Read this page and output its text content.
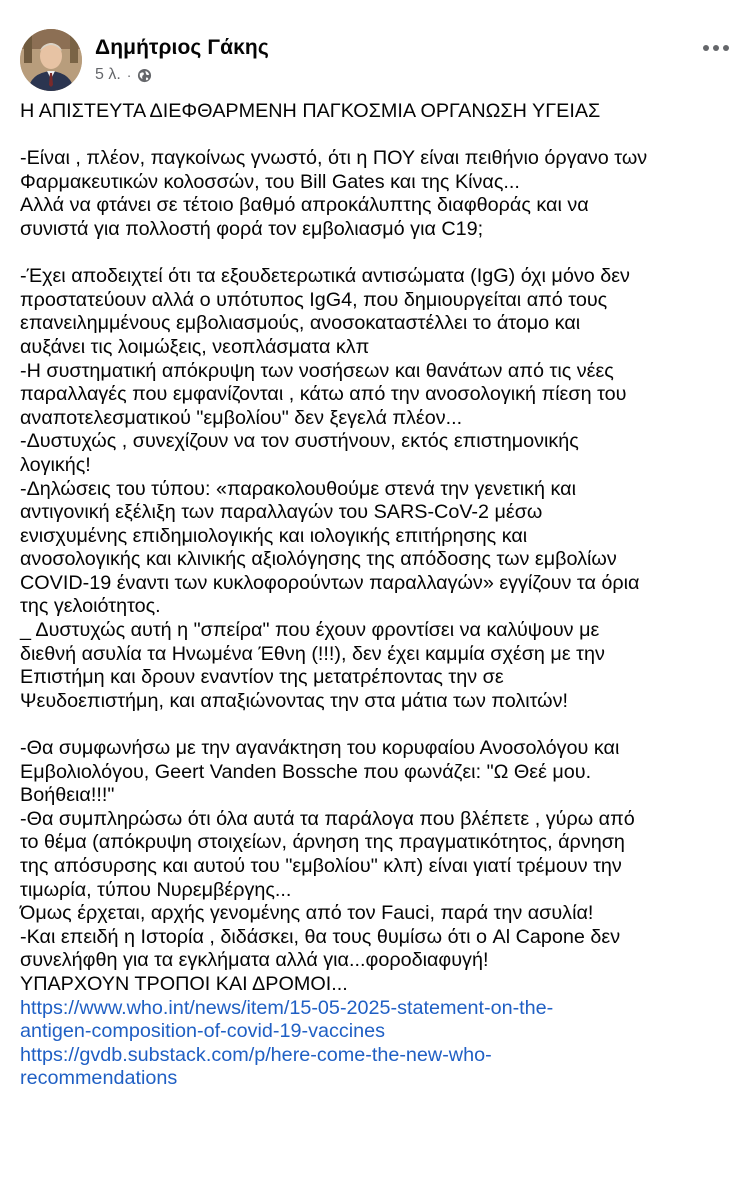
Δημήτριος Γάκης
5 λ. ·
Η ΑΠΙΣΤΕΥΤΑ ΔΙΕΦΘΑΡΜΕΝΗ ΠΑΓΚΟΣΜΙΑ ΟΡΓΑΝΩΣΗ ΥΓΕΙΑΣ
-Είναι , πλέον, παγκοίνως γνωστό, ότι η ΠΟΥ είναι πειθήνιο όργανο των
Φαρμακευτικών κολοσσών, του Bill Gates και της Κίνας...
Αλλά να φτάνει σε τέτοιο βαθμό απροκάλυπτης διαφθοράς και να
συνιστά για πολλοστή φορά τον εμβολιασμό για C19;
-Έχει αποδειχτεί ότι τα εξουδετερωτικά αντισώματα (IgG) όχι μόνο δεν
προστατεύουν αλλά ο υπότυπος IgG4, που δημιουργείται από τους
επανειλημμένους εμβολιασμούς, ανοσοκαταστέλλει το άτομο και
αυξάνει τις λοιμώξεις, νεοπλάσματα κλπ
-Η συστηματική απόκρυψη των νοσήσεων και θανάτων από τις νέες
παραλλαγές που εμφανίζονται , κάτω από την ανοσολογική πίεση του
αναποτελεσματικού "εμβολίου" δεν ξεγελά πλέον...
-Δυστυχώς , συνεχίζουν να τον συστήνουν, εκτός επιστημονικής
λογικής!
-Δηλώσεις του τύπου: «παρακολουθούμε στενά την γενετική και
αντιγονική εξέλιξη των παραλλαγών του SARS-CoV-2 μέσω
ενισχυμένης επιδημιολογικής και ιολογικής επιτήρησης και
ανοσολογικής και κλινικής αξιολόγησης της απόδοσης των εμβολίων
COVID-19 έναντι των κυκλοφορούντων παραλλαγών» εγγίζουν τα όρια
της γελοιότητος.
_ Δυστυχώς αυτή η "σπείρα" που έχουν φροντίσει να καλύψουν με
διεθνή ασυλία τα Ηνωμένα Έθνη (!!!), δεν έχει καμμία σχέση με την
Επιστήμη και δρουν εναντίον της μετατρέποντας την σε
Ψευδοεπιστήμη, και απαξιώνοντας την στα μάτια των πολιτών!
-Θα συμφωνήσω με την αγανάκτηση του κορυφαίου Ανοσολόγου και
Εμβολιολόγου, Geert Vanden Bossche που φωνάζει: "Ω Θεέ μου.
Βοήθεια!!!"
-Θα συμπληρώσω ότι όλα αυτά τα παράλογα που βλέπετε , γύρω από
το θέμα (απόκρυψη στοιχείων, άρνηση της πραγματικότητος, άρνηση
της απόσυρσης και αυτού του "εμβολίου" κλπ) είναι γιατί τρέμουν την
τιμωρία, τύπου Νυρεμβέργης...
Όμως έρχεται, αρχής γενομένης από τον Fauci, παρά την ασυλία!
-Και επειδή η Ιστορία , διδάσκει, θα τους θυμίσω ότι ο Al Capone δεν
συνελήφθη για τα εγκλήματα αλλά για...φοροδιαφυγή!
ΥΠΑΡΧΟΥΝ ΤΡΟΠΟΙ ΚΑΙ ΔΡΟΜΟΙ...
https://www.who.int/news/item/15-05-2025-statement-on-the-
antigen-composition-of-covid-19-vaccines
https://gvdb.substack.com/p/here-come-the-new-who-
recommendations
